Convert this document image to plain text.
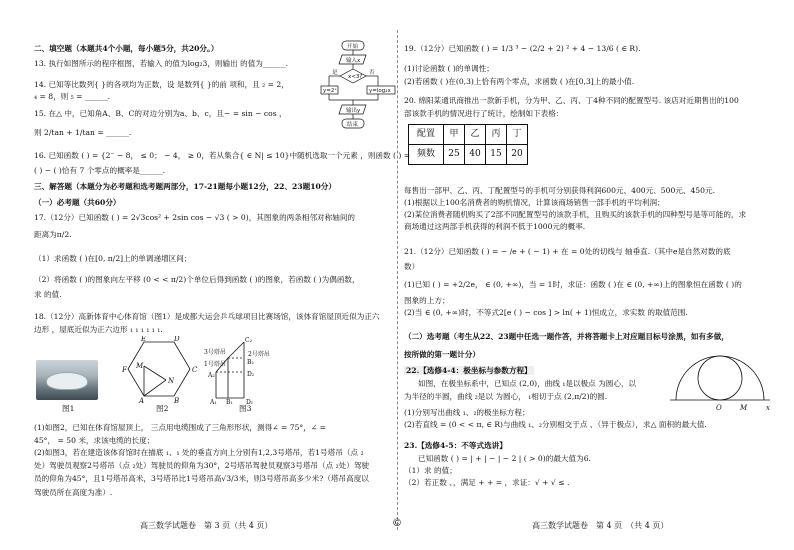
二、填空题（本题共4个小题，每小题5分，共20分。）
13. 执行如图所示的程序框图，若输入 的值为log₂3，则输出 的值为______.
14. 已知等比数列{ }的各项均为正数，设 是数列{ }的前 项和，且 ₂ = 2，
₄ = 8，则 ₅ = ______.
15. 在△ 中，已知角A、B、C的对边分别为a、b、c，且− = sin − cos ，
则 2/tan + 1/tan = ______.
16. 已知函数 ( ) = {2⁻ − 8， ≤ 0； − 4， ≥ 0，若从集合{ ∈ N| ≤ 10}中随机选取一个元素 ，则函数 ( ) =
( ) − ( )恰有 7 个零点的概率是______.
三、解答题（本题分为必考题和选考题两部分，17-21题每小题12分，22、23题10分）
（一）必考题（共60分）
17.（12分）已知函数 ( ) = 2√3cos² + 2sin cos − √3 ( > 0)，其图象的两条相邻对称轴间的
距离为π/2.
（1）求函数 ( )在[0, π/2]上的单调递增区间；
（2）将函数 ( )的图象向左平移 (0 < < π/2)个单位后得到函数 ( )的图象，若函数 ( )为偶函数，
求 的值.
18.（12分）高新体育中心体育馆（图1）是成都大运会乒乓球项目比赛场馆，该体育馆屋顶近似为正六
边形 ，屋底近似为正六边形 ₁ ₁ ₁ ₁ ₁ ₁.
(1)如图2，已知在体育馆屋顶上， 三点用电缆围成了三角形形状，测得∠ = 75°，∠ =
45°， = 50 米，求该电缆的长度；
(2)如图3，若在建造该体育馆时在描底 ₁、₁ 处的垂直方向上分别有1,2,3号塔吊，若1号塔吊（点 ₂
处）驾驶员观察2号塔吊（点 ₂处）驾驶员的仰角为30°，2号塔吊驾驶员观察3号塔吊（点 ₂处）驾驶
员的仰角为45°，且1号塔吊高米，3号塔吊比1号塔吊高√3/3米，则3号塔吊高多少米?（塔吊高度以
驾驶员所在高度为准）.
开始
输入x
x<3?
是	否
y=2ˣ	y=log₂x
输出y
结束
图1
E	D
F	C
M
N
A	B
图2
3号塔吊	2号塔吊
1号塔吊
C₂
B₂
A₂	D₂
A₁ B₁ D₁
图3
高三数学试题卷　第 3 页（共 4 页）	©
19.（12分）已知函数 ( ) = 1/3 ³ − (2/2 + 2) ² + 4 − 13/6 ( ∈ R).
(1)讨论函数 ( )的单调性；
(2)若函数 ( )在(0,3)上恰有两个零点，求函数 ( )在[0,3]上的最小值.
20. 绵阳某通讯商推出一款新手机，分为甲、乙、丙、丁4种不同的配置型号. 该店对近期售出的100
部该款手机的情况进行了统计，绘制如下表格：
配置	甲	乙	丙	丁
频数	25	40	15	20
每售出一部甲、乙、丙、丁配置型号的手机可分别获得利润600元、400元、500元、450元.
(1)根据以上100名消费者的购机情况，计算该商场销售一部手机的平均利润；
(2)某位消费者随机购买了2部不同配置型号的该款手机，且购买的该款手机的四种型号是等可能的，求
商场通过这两部手机获得的利润不低于1000元的概率.
21.（12分）已知函数 ( ) = − /e + ( − 1) + 在 = 0处的切线与 轴垂直.（其中e是自然对数的底
数）
(1)已知 ( ) = +2/2e， ∈ (0, +∞)，当 = 1时，求证：函数 ( )在 ∈ (0, +∞)上的图象恒在函数 ( )的
图象的上方；
(2)当 ∈ (0, +∞)时，不等式2[e ( ) − cos ] > ln( + 1)恒成立，求实数 的取值范围.
（二）选考题（考生从22、23题中任选一题作答，并将答题卡上对应题目标号涂黑，如有多做，
按所做的第一题计分）
22.【选修4-4：极坐标与参数方程】
如图，在极坐标系中，已知点 (2,0)，曲线 ₁是以极点 为圆心，以
为半径的半圆，曲线 ₂是以 为圆心， ₁相切于点 (2,π/2)的圆.
(1)分别写出曲线 ₁、₂的极坐标方程；
(2)若直线 = (0 < < π, ∈ R)与曲线 ₁、₂分别相交于点 、（异于极点），求△ 面积的最大值.
O	M	x
23.【选修4-5：不等式选讲】
已知函数 ( ) = | + | − | − 2 | ( > 0)的最大值为6.
（1）求 的值；
（2）若正数 、，满足 + + = ，求证：√ + √ ≤ .
高三数学试题卷　第 4 页　（共 4 页）
